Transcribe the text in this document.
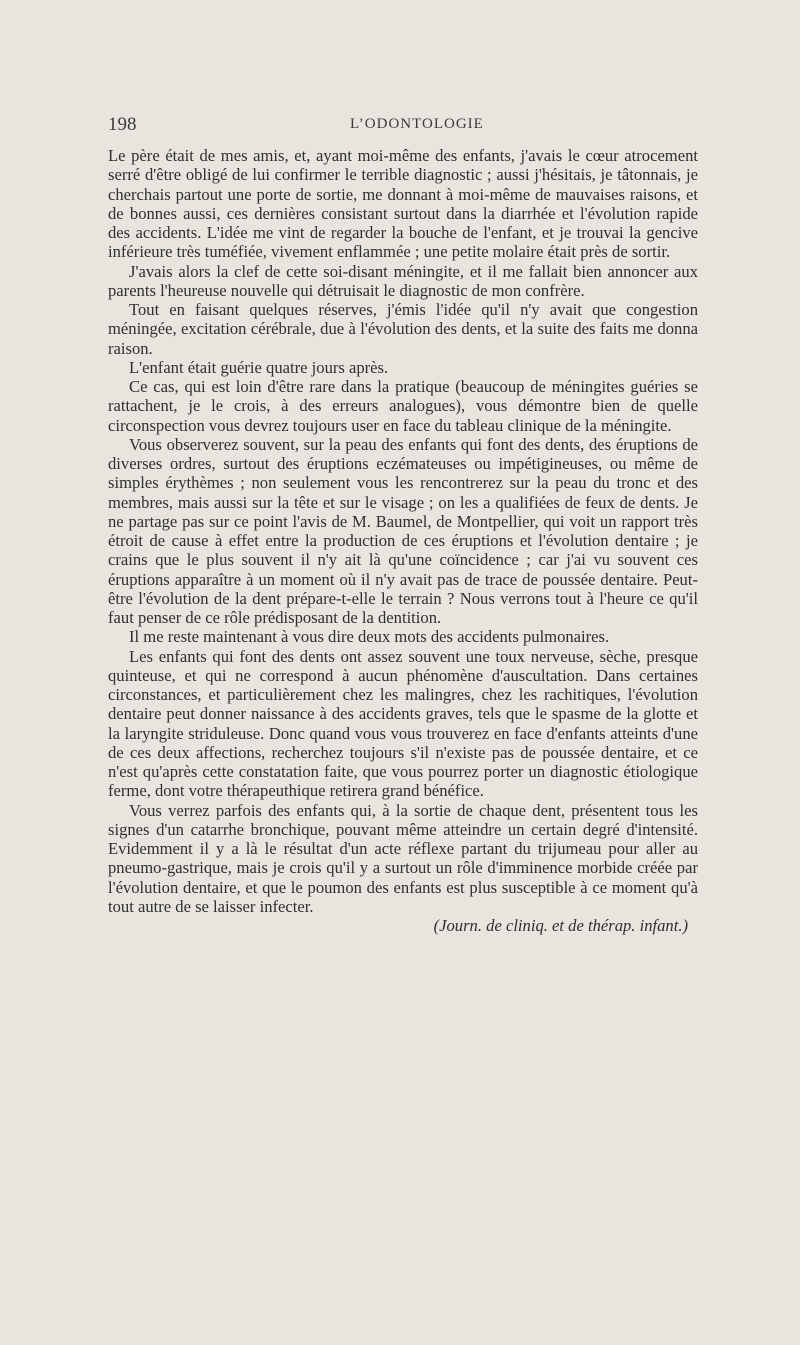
198	L’ODONTOLOGIE

Le père était de mes amis, et, ayant moi-même des enfants, j'avais le cœur atrocement serré d'être obligé de lui confirmer le terrible diagnostic ; aussi j'hésitais, je tâtonnais, je cherchais partout une porte de sortie, me donnant à moi-même de mauvaises raisons, et de bonnes aussi, ces dernières consistant surtout dans la diarrhée et l'évolution rapide des accidents. L'idée me vint de regarder la bouche de l'enfant, et je trouvai la gencive inférieure très tuméfiée, vivement enflammée ; une petite molaire était près de sortir.

J'avais alors la clef de cette soi-disant méningite, et il me fallait bien annoncer aux parents l'heureuse nouvelle qui détruisait le diagnostic de mon confrère.

Tout en faisant quelques réserves, j'émis l'idée qu'il n'y avait que congestion méningée, excitation cérébrale, due à l'évolution des dents, et la suite des faits me donna raison.

L'enfant était guérie quatre jours après.

Ce cas, qui est loin d'être rare dans la pratique (beaucoup de méningites guéries se rattachent, je le crois, à des erreurs analogues), vous démontre bien de quelle circonspection vous devrez toujours user en face du tableau clinique de la méningite.

Vous observerez souvent, sur la peau des enfants qui font des dents, des éruptions de diverses ordres, surtout des éruptions eczémateuses ou impétigineuses, ou même de simples érythèmes ; non seulement vous les rencontrerez sur la peau du tronc et des membres, mais aussi sur la tête et sur le visage ; on les a qualifiées de feux de dents. Je ne partage pas sur ce point l'avis de M. Baumel, de Montpellier, qui voit un rapport très étroit de cause à effet entre la production de ces éruptions et l'évolution dentaire ; je crains que le plus souvent il n'y ait là qu'une coïncidence ; car j'ai vu souvent ces éruptions apparaître à un moment où il n'y avait pas de trace de poussée dentaire. Peut-être l'évolution de la dent prépare-t-elle le terrain ? Nous verrons tout à l'heure ce qu'il faut penser de ce rôle prédisposant de la dentition.

Il me reste maintenant à vous dire deux mots des accidents pulmonaires.

Les enfants qui font des dents ont assez souvent une toux nerveuse, sèche, presque quinteuse, et qui ne correspond à aucun phénomène d'auscultation. Dans certaines circonstances, et particulièrement chez les malingres, chez les rachitiques, l'évolution dentaire peut donner naissance à des accidents graves, tels que le spasme de la glotte et la laryngite striduleuse. Donc quand vous vous trouverez en face d'enfants atteints d'une de ces deux affections, recherchez toujours s'il n'existe pas de poussée dentaire, et ce n'est qu'après cette constatation faite, que vous pourrez porter un diagnostic étiologique ferme, dont votre thérapeuthique retirera grand bénéfice.

Vous verrez parfois des enfants qui, à la sortie de chaque dent, présentent tous les signes d'un catarrhe bronchique, pouvant même atteindre un certain degré d'intensité. Evidemment il y a là le résultat d'un acte réflexe partant du trijumeau pour aller au pneumo-gastrique, mais je crois qu'il y a surtout un rôle d'imminence morbide créée par l'évolution dentaire, et que le poumon des enfants est plus susceptible à ce moment qu'à tout autre de se laisser infecter.

(Journ. de cliniq. et de thérap. infant.)
